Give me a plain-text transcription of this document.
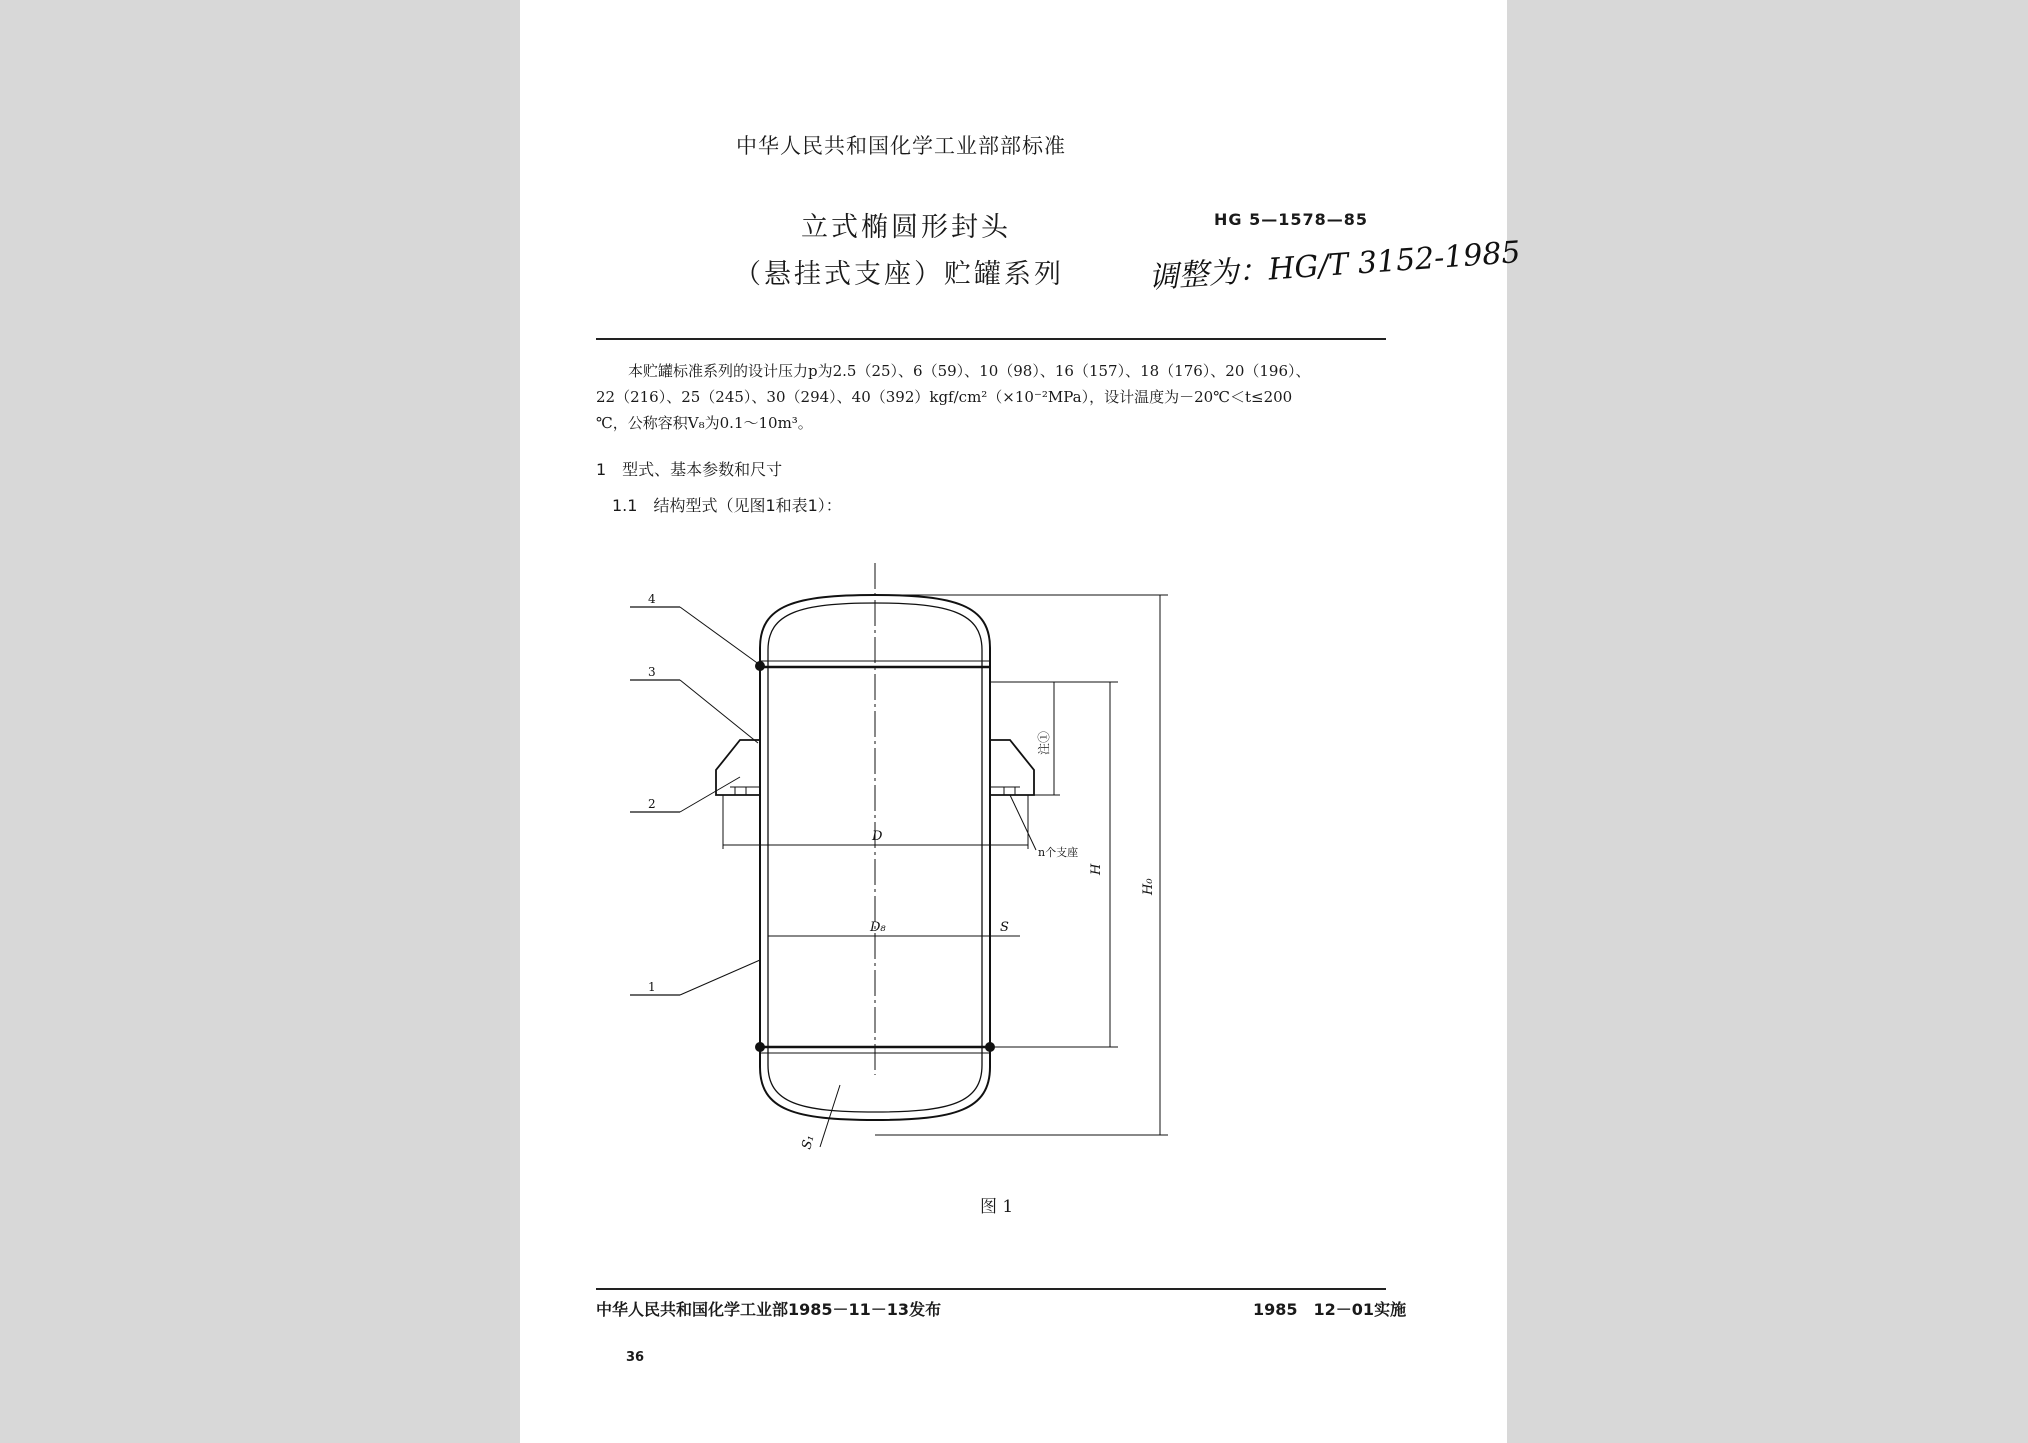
中华人民共和国化学工业部部标准
立式椭圆形封头
（悬挂式支座）贮罐系列
HG 5—1578—85
调整为：HG/T 3152-1985

本贮罐标准系列的设计压力p为2.5（25）、6（59）、10（98）、16（157）、18（176）、20（196）、

22（216）、25（245）、30（294）、40（392）kgf/cm²（×10⁻²MPa），设计温度为－20℃＜t≤200

℃，公称容积V₈为0.1～10m³。

1　型式、基本参数和尺寸
1.1　结构型式（见图1和表1）：
4
3
2
1
D
D₈	S
S₁
H
H₀
注①
n个支座
图 1
中华人民共和国化学工业部1985－11－13发布	1985　12－01实施
36
